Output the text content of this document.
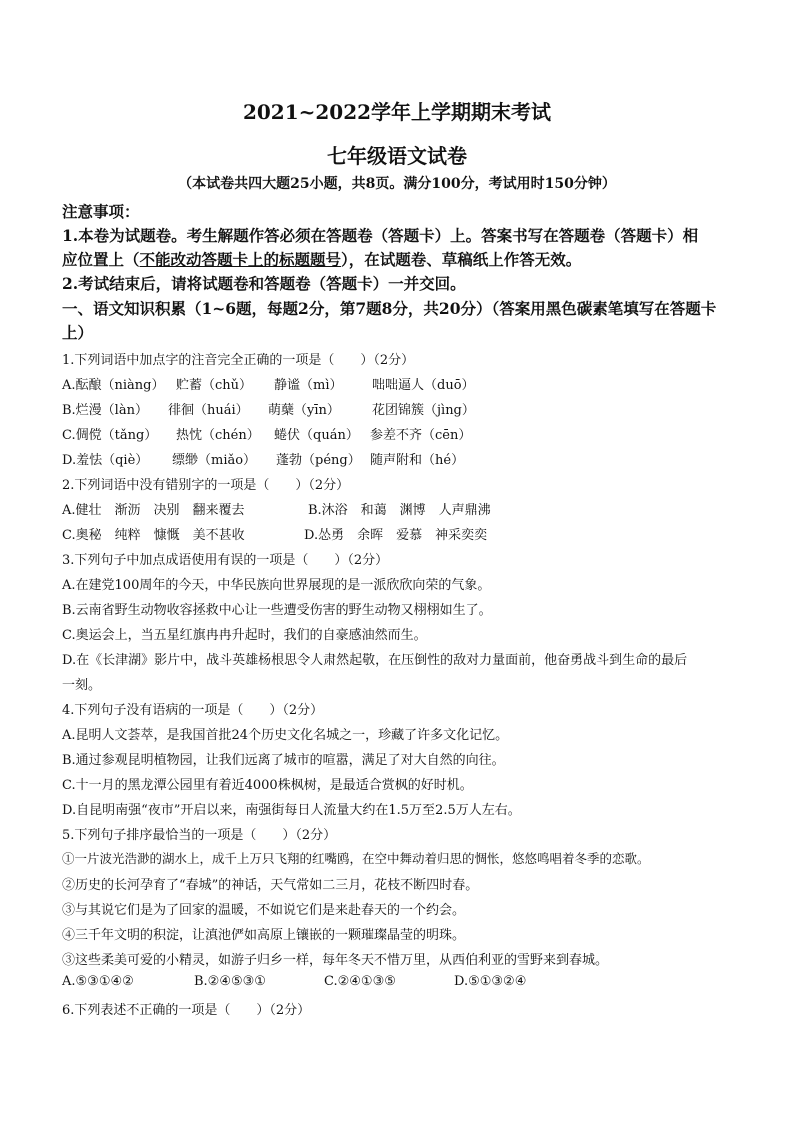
2021~2022学年上学期期末考试
七年级语文试卷
（本试卷共四大题25小题，共8页。满分100分，考试用时150分钟）
注意事项：
1.本卷为试题卷。考生解题作答必须在答题卷（答题卡）上。答案书写在答题卷（答题卡）相
应位置上（不能改动答题卡上的标题题号），在试题卷、草稿纸上作答无效。
2.考试结束后，请将试题卷和答题卷（答题卡）一并交回。
一、语文知识积累（1~6题，每题2分，第7题8分，共20分）（答案用黑色碳素笔填写在答题卡
上）
1.下列词语中加点字的注音完全正确的一项是（　　）（2分）
A.酝酿（niàng） 贮蓄（chǔ） 静谧（mì） 咄咄逼人（duō）
B.烂漫（làn） 徘徊（huái） 萌蘖（yīn） 花团锦簇（jìng）
C.倜傥（tǎng） 热忱（chén） 蜷伏（quán） 参差不齐（cēn）
D.羞怯（qiè） 缥缈（miǎo） 蓬勃（péng） 随声附和（hé）
2.下列词语中没有错别字的一项是（　　）（2分）
A.健壮　渐沥　决别　翻来覆去	B.沐浴　和蔼　渊博　人声鼎沸
C.奥秘　纯粹　慷慨　美不甚收	D.怂勇　余晖　爱慕　神采奕奕
3.下列句子中加点成语使用有误的一项是（　　）（2分）
A.在建党100周年的今天，中华民族向世界展现的是一派欣欣向荣的气象。
B.云南省野生动物收容拯救中心让一些遭受伤害的野生动物又栩栩如生了。
C.奥运会上，当五星红旗冉冉升起时，我们的自豪感油然而生。
D.在《长津湖》影片中，战斗英雄杨根思令人肃然起敬，在压倒性的敌对力量面前，他奋勇战斗到生命的最后
一刻。
4.下列句子没有语病的一项是（　　）（2分）
A.昆明人文荟萃，是我国首批24个历史文化名城之一，珍藏了许多文化记忆。
B.通过参观昆明植物园，让我们远离了城市的喧嚣，满足了对大自然的向往。
C.十一月的黑龙潭公园里有着近4000株枫树，是最适合赏枫的好时机。
D.自昆明南强“夜市”开启以来，南强街每日人流量大约在1.5万至2.5万人左右。
5.下列句子排序最恰当的一项是（　　）（2分）
①一片波光浩渺的湖水上，成千上万只飞翔的红嘴鸥，在空中舞动着归思的惆怅，悠悠鸣唱着冬季的恋歌。
②历史的长河孕育了“春城”的神话，天气常如二三月，花枝不断四时春。
③与其说它们是为了回家的温暖，不如说它们是来赴春天的一个约会。
④三千年文明的积淀，让滇池俨如高原上镶嵌的一颗璀璨晶莹的明珠。
③这些柔美可爱的小精灵，如游子归乡一样，每年冬天不惜万里，从西伯利亚的雪野来到春城。
A.⑤③①④②	B.②④⑤③①	C.②④①③⑤	D.⑤①③②④
6.下列表述不正确的一项是（　　）（2分）
